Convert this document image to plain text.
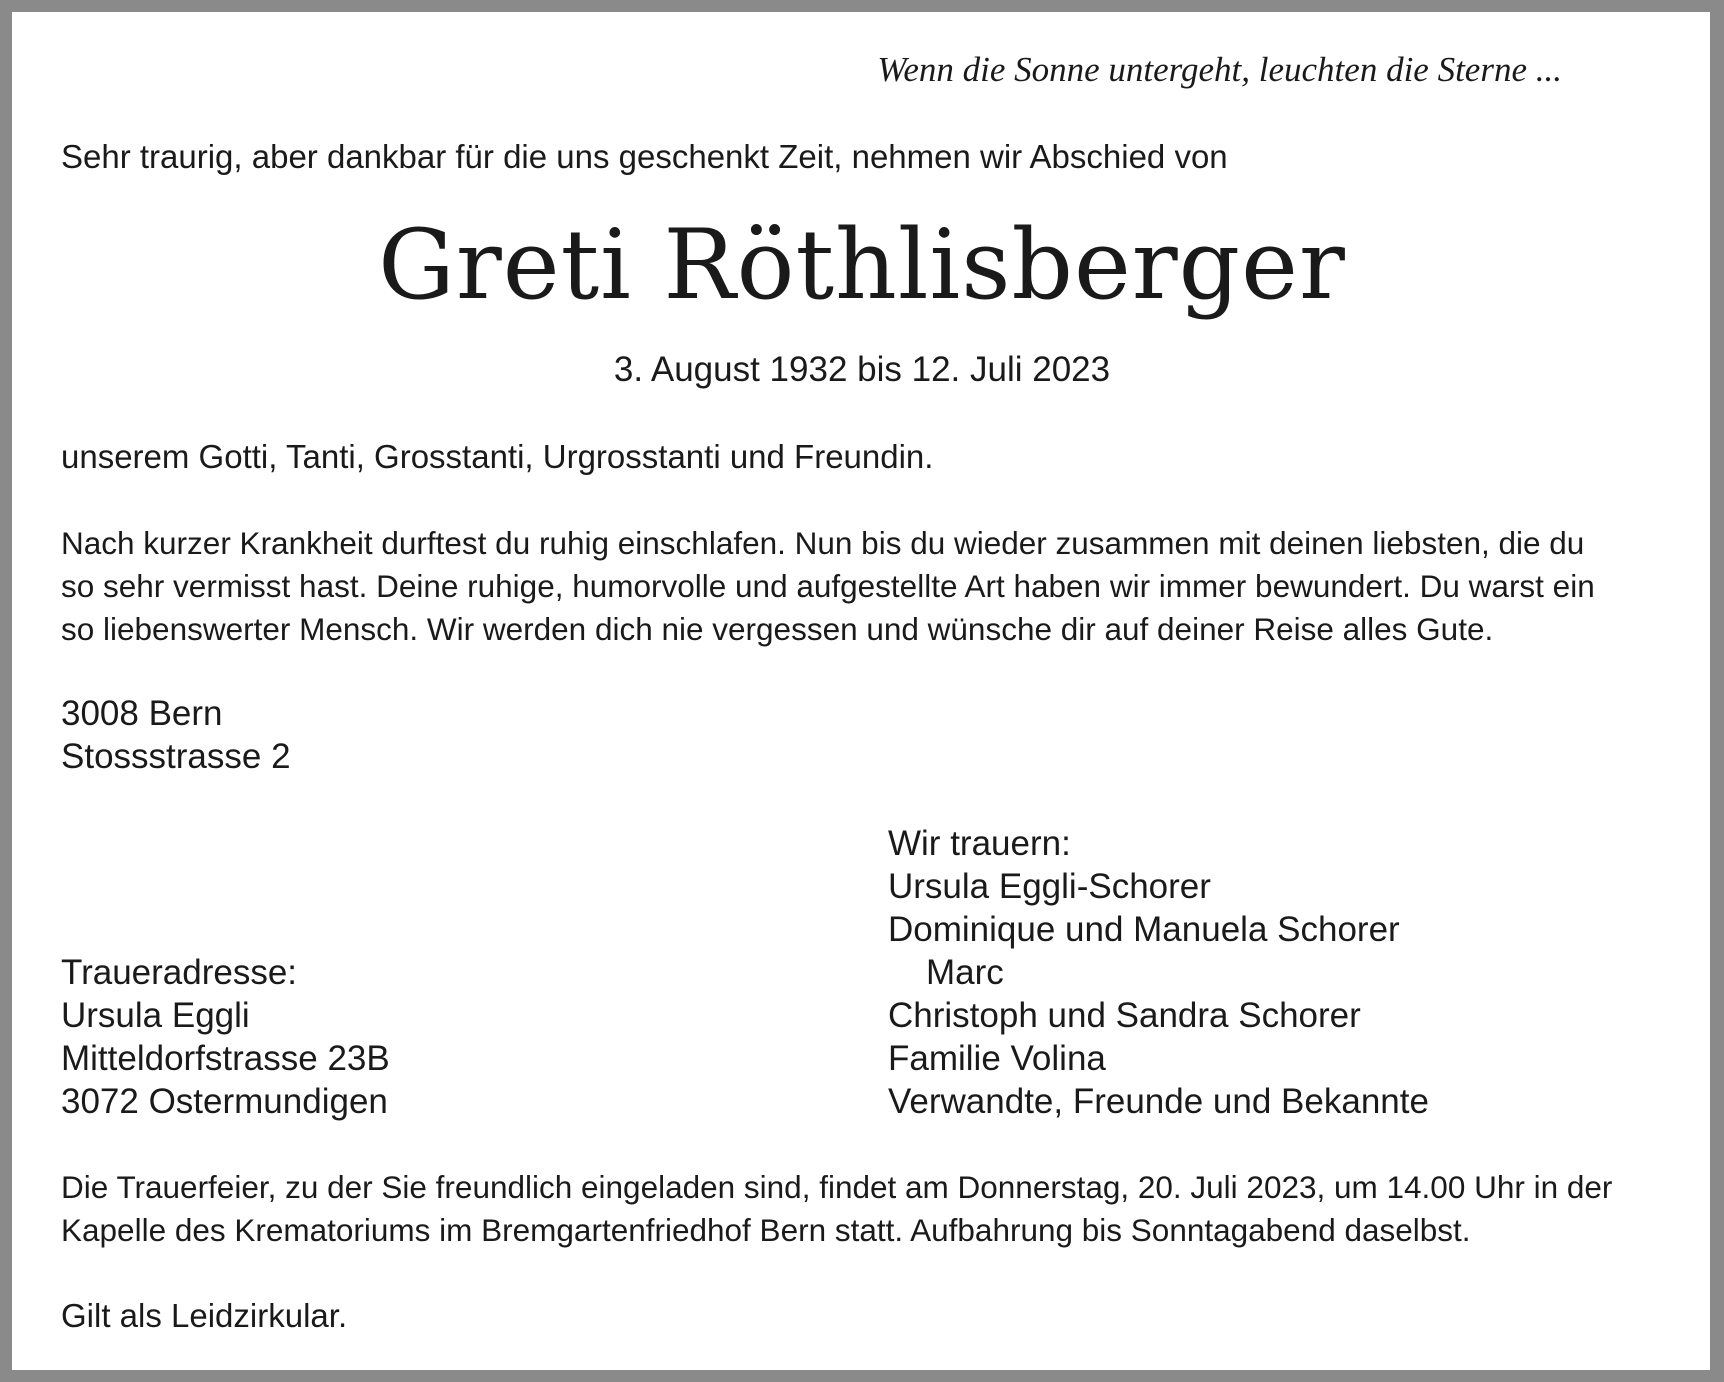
Wenn die Sonne untergeht, leuchten die Sterne ...
Sehr traurig, aber dankbar für die uns geschenkt Zeit, nehmen wir Abschied von
Greti Röthlisberger
3. August 1932 bis 12. Juli 2023
unserem Gotti, Tanti, Grosstanti, Urgrosstanti und Freundin.
Nach kurzer Krankheit durftest du ruhig einschlafen. Nun bis du wieder zusammen mit deinen liebsten, die du
so sehr vermisst hast. Deine ruhige, humorvolle und aufgestellte Art haben wir immer bewundert. Du warst ein
so liebenswerter Mensch. Wir werden dich nie vergessen und wünsche dir auf deiner Reise alles Gute.
3008 Bern
Stossstrasse 2
Wir trauern:
Ursula Eggli-Schorer
Dominique und Manuela Schorer
Marc
Christoph und Sandra Schorer
Familie Volina
Verwandte, Freunde und Bekannte
Traueradresse:
Ursula Eggli
Mitteldorfstrasse 23B
3072 Ostermundigen
Die Trauerfeier, zu der Sie freundlich eingeladen sind, findet am Donnerstag, 20. Juli 2023, um 14.00 Uhr in der
Kapelle des Krematoriums im Bremgartenfriedhof Bern statt. Aufbahrung bis Sonntagabend daselbst.
Gilt als Leidzirkular.
